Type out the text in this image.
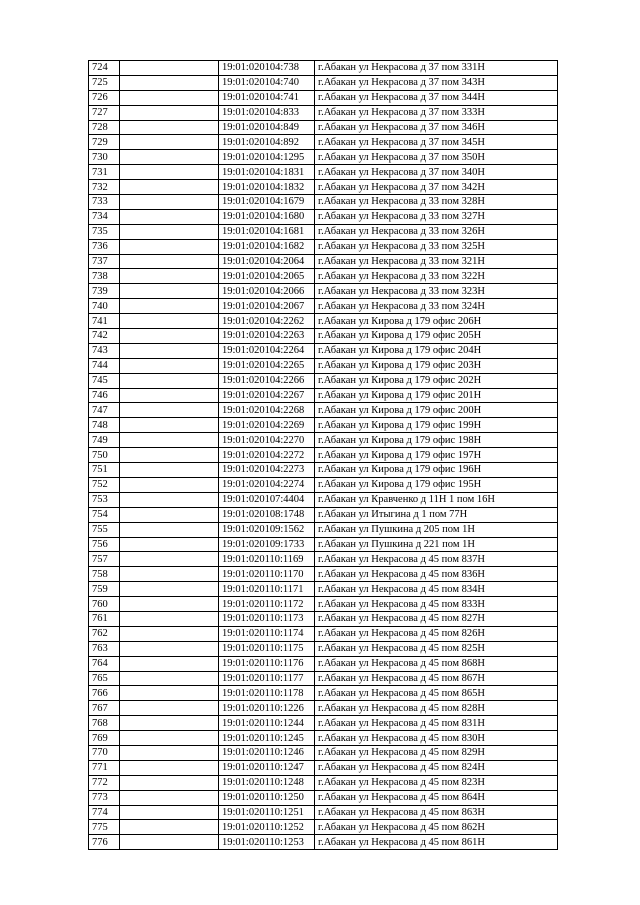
724		19:01:020104:738	г.Абакан ул Некрасова д 37 пом 331Н
725		19:01:020104:740	г.Абакан ул Некрасова д 37 пом 343Н
726		19:01:020104:741	г.Абакан ул Некрасова д 37 пом 344Н
727		19:01:020104:833	г.Абакан ул Некрасова д 37 пом 333Н
728		19:01:020104:849	г.Абакан ул Некрасова д 37 пом 346Н
729		19:01:020104:892	г.Абакан ул Некрасова д 37 пом 345Н
730		19:01:020104:1295	г.Абакан ул Некрасова д 37 пом 350Н
731		19:01:020104:1831	г.Абакан ул Некрасова д 37 пом 340Н
732		19:01:020104:1832	г.Абакан ул Некрасова д 37 пом 342Н
733		19:01:020104:1679	г.Абакан ул Некрасова д 33 пом 328Н
734		19:01:020104:1680	г.Абакан ул Некрасова д 33 пом 327Н
735		19:01:020104:1681	г.Абакан ул Некрасова д 33 пом 326Н
736		19:01:020104:1682	г.Абакан ул Некрасова д 33 пом 325Н
737		19:01:020104:2064	г.Абакан ул Некрасова д 33 пом 321Н
738		19:01:020104:2065	г.Абакан ул Некрасова д 33 пом 322Н
739		19:01:020104:2066	г.Абакан ул Некрасова д 33 пом 323Н
740		19:01:020104:2067	г.Абакан ул Некрасова д 33 пом 324Н
741		19:01:020104:2262	г.Абакан ул Кирова д 179 офис 206Н
742		19:01:020104:2263	г.Абакан ул Кирова д 179 офис 205Н
743		19:01:020104:2264	г.Абакан ул Кирова д 179 офис 204Н
744		19:01:020104:2265	г.Абакан ул Кирова д 179 офис 203Н
745		19:01:020104:2266	г.Абакан ул Кирова д 179 офис 202Н
746		19:01:020104:2267	г.Абакан ул Кирова д 179 офис 201Н
747		19:01:020104:2268	г.Абакан ул Кирова д 179 офис 200Н
748		19:01:020104:2269	г.Абакан ул Кирова д 179 офис 199Н
749		19:01:020104:2270	г.Абакан ул Кирова д 179 офис 198Н
750		19:01:020104:2272	г.Абакан ул Кирова д 179 офис 197Н
751		19:01:020104:2273	г.Абакан ул Кирова д 179 офис 196Н
752		19:01:020104:2274	г.Абакан ул Кирова д 179 офис 195Н
753		19:01:020107:4404	г.Абакан ул Кравченко д 11Н 1 пом 16Н
754		19:01:020108:1748	г.Абакан ул Итыгина д 1 пом 77Н
755		19:01:020109:1562	г.Абакан ул Пушкина д 205 пом 1Н
756		19:01:020109:1733	г.Абакан ул Пушкина д 221 пом 1Н
757		19:01:020110:1169	г.Абакан ул Некрасова д 45 пом 837Н
758		19:01:020110:1170	г.Абакан ул Некрасова д 45 пом 836Н
759		19:01:020110:1171	г.Абакан ул Некрасова д 45 пом 834Н
760		19:01:020110:1172	г.Абакан ул Некрасова д 45 пом 833Н
761		19:01:020110:1173	г.Абакан ул Некрасова д 45 пом 827Н
762		19:01:020110:1174	г.Абакан ул Некрасова д 45 пом 826Н
763		19:01:020110:1175	г.Абакан ул Некрасова д 45 пом 825Н
764		19:01:020110:1176	г.Абакан ул Некрасова д 45 пом 868Н
765		19:01:020110:1177	г.Абакан ул Некрасова д 45 пом 867Н
766		19:01:020110:1178	г.Абакан ул Некрасова д 45 пом 865Н
767		19:01:020110:1226	г.Абакан ул Некрасова д 45 пом 828Н
768		19:01:020110:1244	г.Абакан ул Некрасова д 45 пом 831Н
769		19:01:020110:1245	г.Абакан ул Некрасова д 45 пом 830Н
770		19:01:020110:1246	г.Абакан ул Некрасова д 45 пом 829Н
771		19:01:020110:1247	г.Абакан ул Некрасова д 45 пом 824Н
772		19:01:020110:1248	г.Абакан ул Некрасова д 45 пом 823Н
773		19:01:020110:1250	г.Абакан ул Некрасова д 45 пом 864Н
774		19:01:020110:1251	г.Абакан ул Некрасова д 45 пом 863Н
775		19:01:020110:1252	г.Абакан ул Некрасова д 45 пом 862Н
776		19:01:020110:1253	г.Абакан ул Некрасова д 45 пом 861Н
